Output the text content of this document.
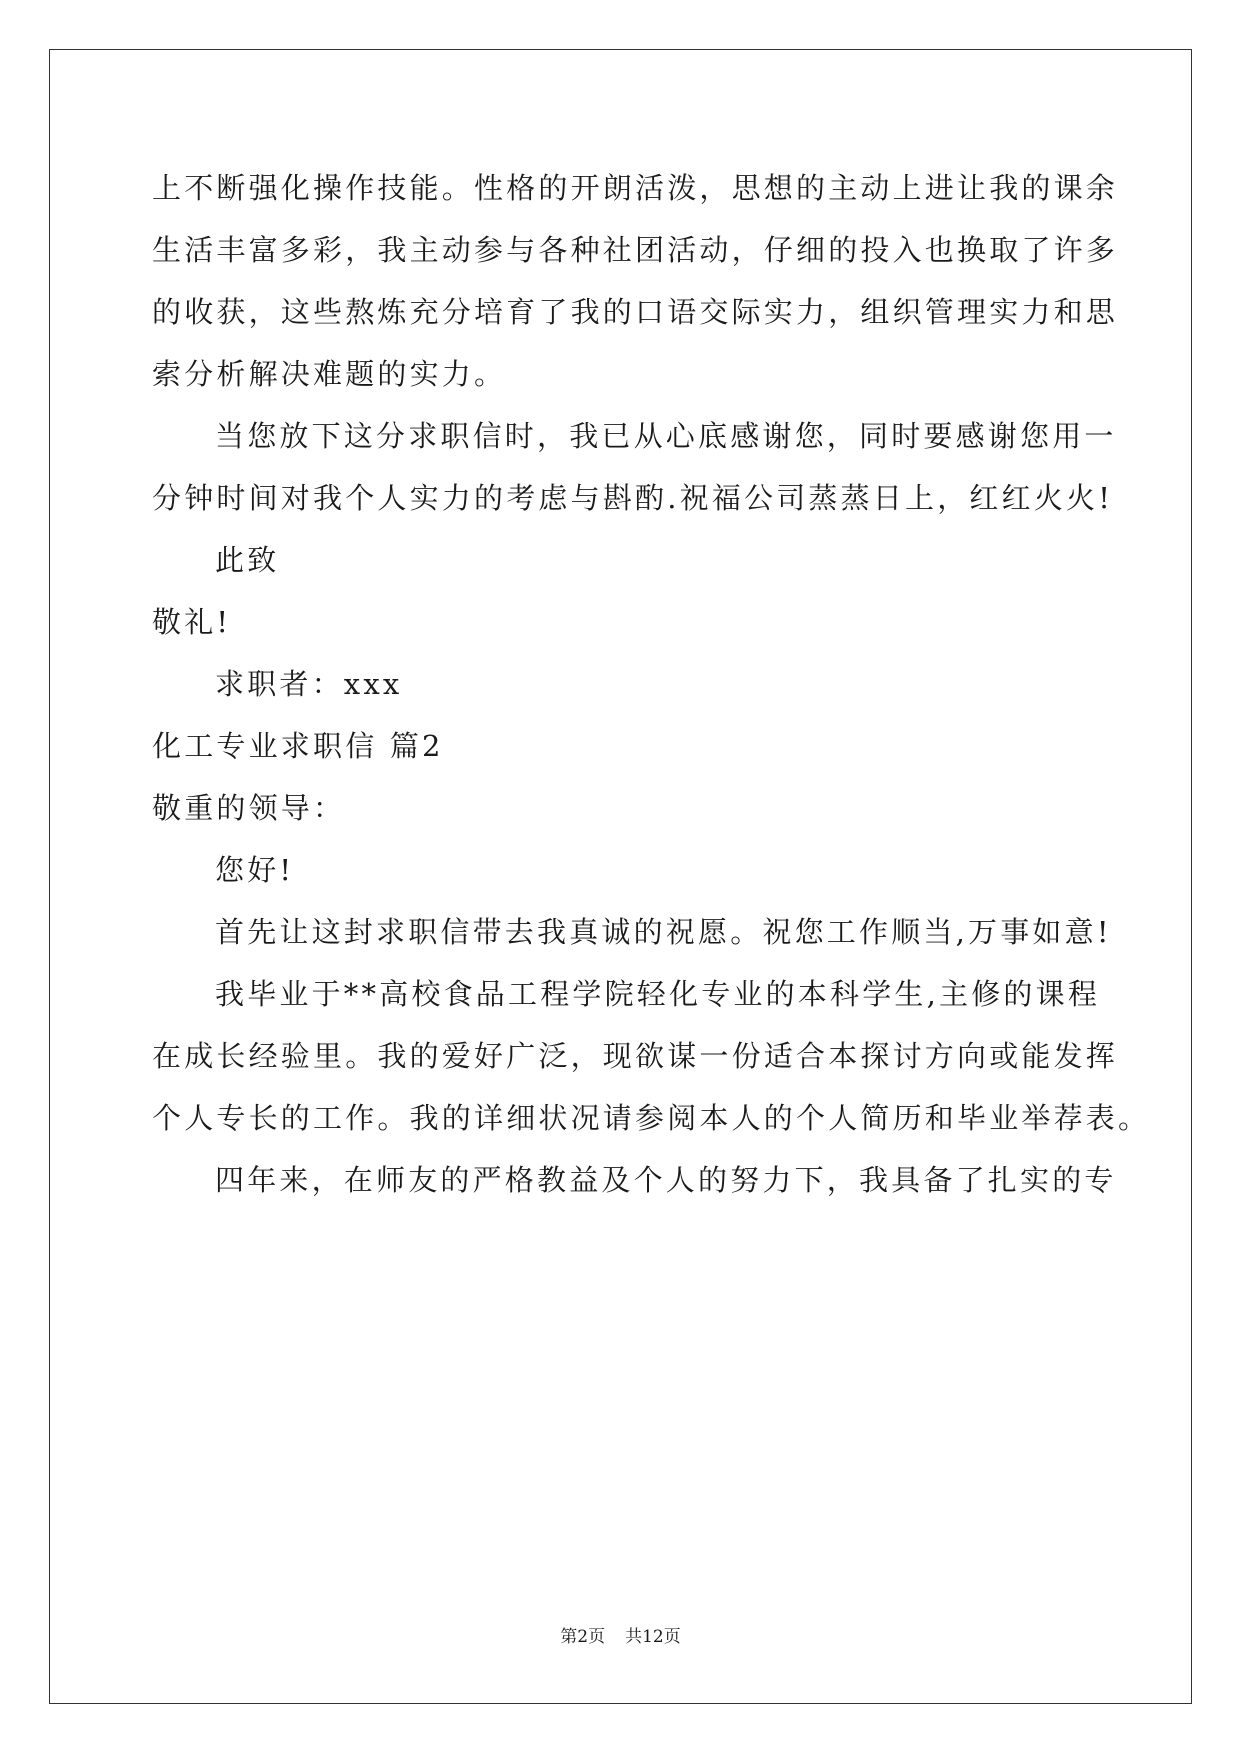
上不断强化操作技能。性格的开朗活泼，思想的主动上进让我的课余
生活丰富多彩，我主动参与各种社团活动，仔细的投入也换取了许多
的收获，这些熬炼充分培育了我的口语交际实力，组织管理实力和思
索分析解决难题的实力。
当您放下这分求职信时，我已从心底感谢您，同时要感谢您用一
分钟时间对我个人实力的考虑与斟酌.祝福公司蒸蒸日上，红红火火!
此致
敬礼!
求职者：xxx
化工专业求职信 篇2
敬重的领导：
您好!
首先让这封求职信带去我真诚的祝愿。祝您工作顺当,万事如意!
我毕业于**高校食品工程学院轻化专业的本科学生,主修的课程
在成长经验里。我的爱好广泛，现欲谋一份适合本探讨方向或能发挥
个人专长的工作。我的详细状况请参阅本人的个人简历和毕业举荐表。
四年来，在师友的严格教益及个人的努力下，我具备了扎实的专
第2页 共12页
